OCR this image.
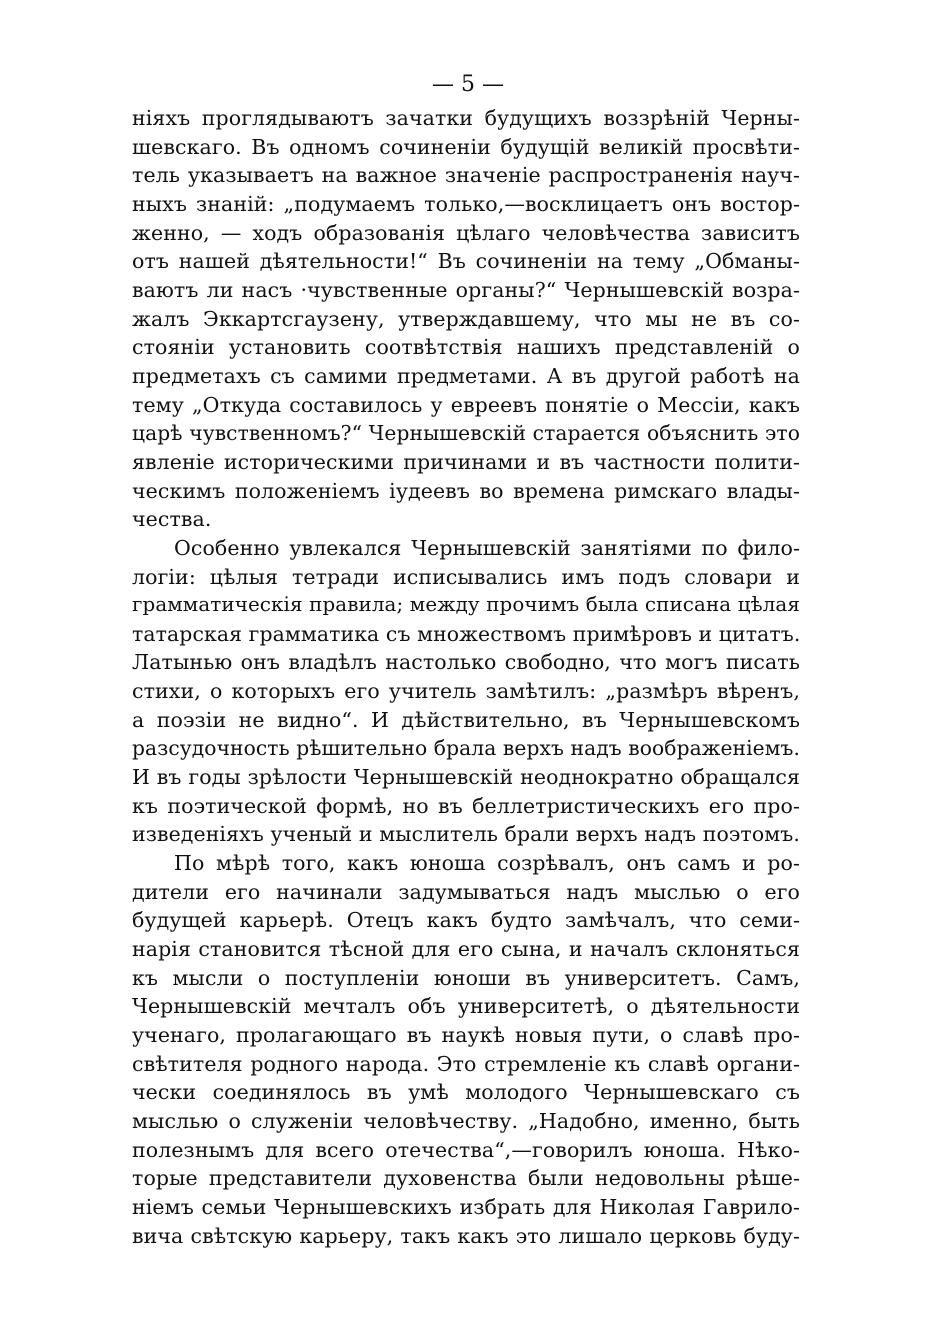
— 5 —
ніяхъ проглядываютъ зачатки будущихъ воззрѣній Черны-
шевскаго. Въ одномъ сочиненіи будущій великій просвѣти-
тель указываетъ на важное значеніе распространенія науч-
ныхъ знаній: „подумаемъ только,—восклицаетъ онъ востор-
женно, — ходъ образованія цѣлаго человѣчества зависитъ
отъ нашей дѣятельности!“ Въ сочиненіи на тему „Обманы-
ваютъ ли насъ ·чувственные органы?“ Чернышевскій возра-
жалъ Эккартсгаузену, утверждавшему, что мы не въ со-
стояніи установить соотвѣтствія нашихъ представленій о
предметахъ съ самими предметами. А въ другой работѣ на
тему „Откуда составилось у евреевъ понятіе о Мессіи, какъ
царѣ чувственномъ?“ Чернышевскій старается объяснить это
явленіе историческими причинами и въ частности полити-
ческимъ положеніемъ іудеевъ во времена римскаго влады-
чества.
Особенно увлекался Чернышевскій занятіями по фило-
логіи: цѣлыя тетради исписывались имъ подъ словари и
грамматическія правила; между прочимъ была списана цѣлая
татарская грамматика съ множествомъ примѣровъ и цитатъ.
Латынью онъ владѣлъ настолько свободно, что могъ писать
стихи, о которыхъ его учитель замѣтилъ: „размѣръ вѣренъ,
а поэзіи не видно“. И дѣйствительно, въ Чернышевскомъ
разсудочность рѣшительно брала верхъ надъ воображеніемъ.
И въ годы зрѣлости Чернышевскій неоднократно обращался
къ поэтической формѣ, но въ беллетристическихъ его про-
изведеніяхъ ученый и мыслитель брали верхъ надъ поэтомъ.
По мѣрѣ того, какъ юноша созрѣвалъ, онъ самъ и ро-
дители его начинали задумываться надъ мыслью о его
будущей карьерѣ. Отецъ какъ будто замѣчалъ, что семи-
нарія становится тѣсной для его сына, и началъ склоняться
къ мысли о поступленіи юноши въ университетъ. Самъ,
Чернышевскій мечталъ объ университетѣ, о дѣятельности
ученаго, пролагающаго въ наукѣ новыя пути, о славѣ про-
свѣтителя родного народа. Это стремленіе къ славѣ органи-
чески соединялось въ умѣ молодого Чернышевскаго съ
мыслью о служеніи человѣчеству. „Надобно, именно, быть
полезнымъ для всего отечества“,—говорилъ юноша. Нѣко-
торые представители духовенства были недовольны рѣше-
ніемъ семьи Чернышевскихъ избрать для Николая Гаврило-
вича свѣтскую карьеру, такъ какъ это лишало церковь буду-
